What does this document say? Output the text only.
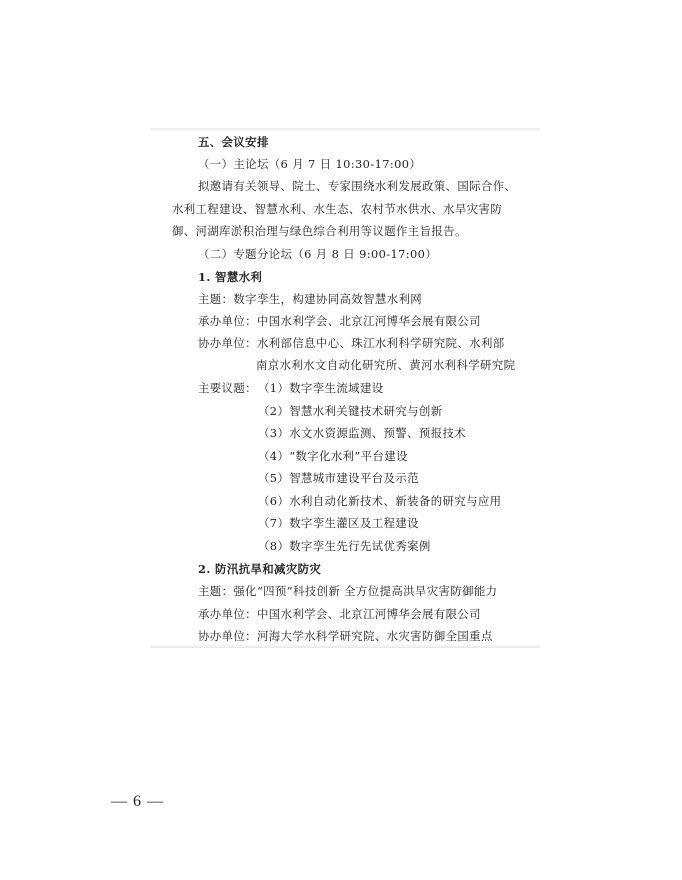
五、会议安排
（一）主论坛（6 月 7 日 10:30-17:00）
拟邀请有关领导、院士、专家围绕水利发展政策、国际合作、
水利工程建设、智慧水利、水生态、农村节水供水、水旱灾害防
御、河湖库淤积治理与绿色综合利用等议题作主旨报告。
（二）专题分论坛（6 月 8 日 9:00-17:00）
1. 智慧水利
主题：数字孪生，构建协同高效智慧水利网
承办单位：中国水利学会、北京江河博华会展有限公司
协办单位：水利部信息中心、珠江水利科学研究院、水利部
南京水利水文自动化研究所、黄河水利科学研究院
主要议题： （1）数字孪生流域建设
（2）智慧水利关键技术研究与创新
（3）水文水资源监测、预警、预报技术
（4）“数字化水利”平台建设
（5）智慧城市建设平台及示范
（6）水利自动化新技术、新装备的研究与应用
（7）数字孪生灌区及工程建设
（8）数字孪生先行先试优秀案例
2. 防汛抗旱和减灾防灾
主题：强化“四预”科技创新 全方位提高洪旱灾害防御能力
承办单位：中国水利学会、北京江河博华会展有限公司
协办单位：河海大学水科学研究院、水灾害防御全国重点
— 6 —
